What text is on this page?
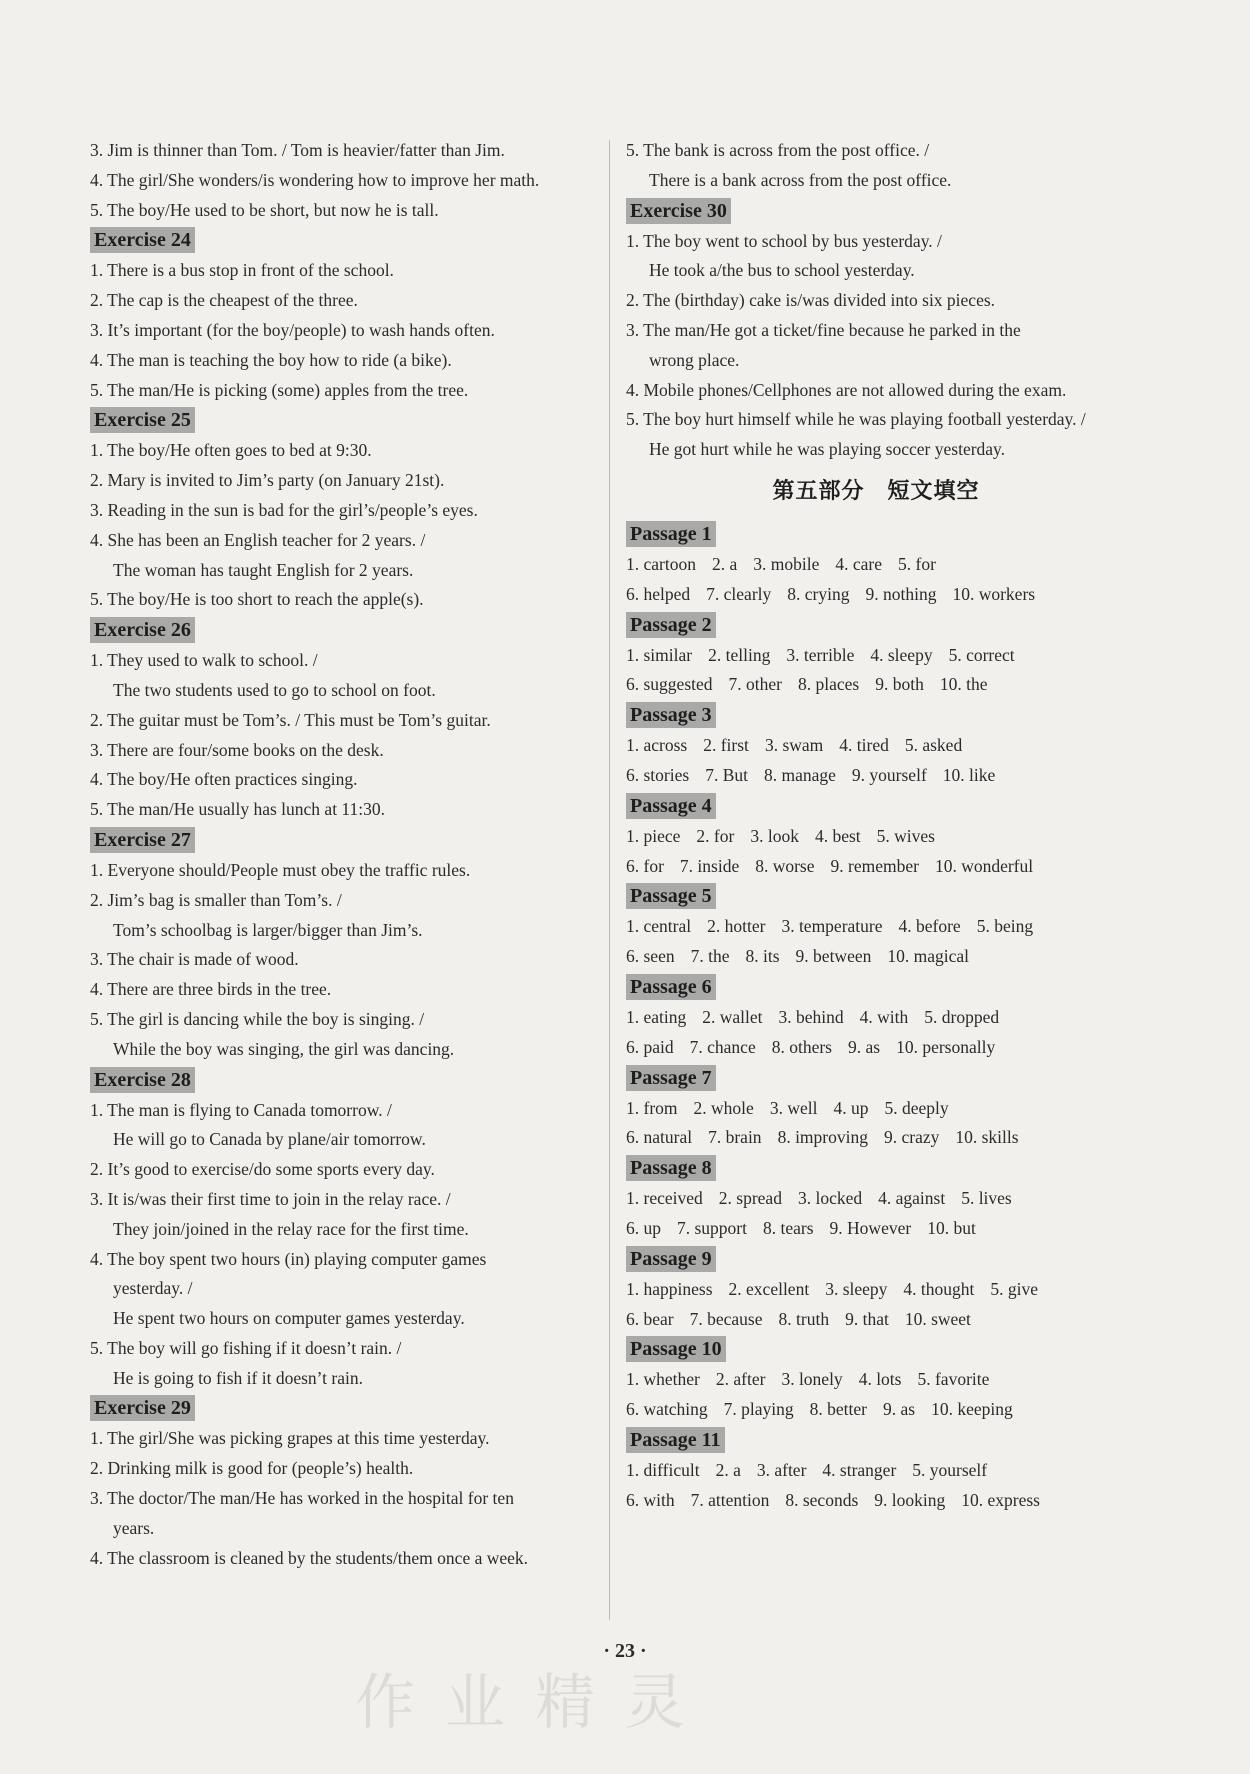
3. Jim is thinner than Tom. / Tom is heavier/fatter than Jim.
4. The girl/She wonders/is wondering how to improve her math.
5. The boy/He used to be short, but now he is tall.
Exercise 24
1. There is a bus stop in front of the school.
2. The cap is the cheapest of the three.
3. It’s important (for the boy/people) to wash hands often.
4. The man is teaching the boy how to ride (a bike).
5. The man/He is picking (some) apples from the tree.
Exercise 25
1. The boy/He often goes to bed at 9:30.
2. Mary is invited to Jim’s party (on January 21st).
3. Reading in the sun is bad for the girl’s/people’s eyes.
4. She has been an English teacher for 2 years. /
The woman has taught English for 2 years.
5. The boy/He is too short to reach the apple(s).
Exercise 26
1. They used to walk to school. /
The two students used to go to school on foot.
2. The guitar must be Tom’s. / This must be Tom’s guitar.
3. There are four/some books on the desk.
4. The boy/He often practices singing.
5. The man/He usually has lunch at 11:30.
Exercise 27
1. Everyone should/People must obey the traffic rules.
2. Jim’s bag is smaller than Tom’s. /
Tom’s schoolbag is larger/bigger than Jim’s.
3. The chair is made of wood.
4. There are three birds in the tree.
5. The girl is dancing while the boy is singing. /
While the boy was singing, the girl was dancing.
Exercise 28
1. The man is flying to Canada tomorrow. /
He will go to Canada by plane/air tomorrow.
2. It’s good to exercise/do some sports every day.
3. It is/was their first time to join in the relay race. /
They join/joined in the relay race for the first time.
4. The boy spent two hours (in) playing computer games
yesterday. /
He spent two hours on computer games yesterday.
5. The boy will go fishing if it doesn’t rain. /
He is going to fish if it doesn’t rain.
Exercise 29
1. The girl/She was picking grapes at this time yesterday.
2. Drinking milk is good for (people’s) health.
3. The doctor/The man/He has worked in the hospital for ten
years.
4. The classroom is cleaned by the students/them once a week.
5. The bank is across from the post office. /
There is a bank across from the post office.
Exercise 30
1. The boy went to school by bus yesterday. /
He took a/the bus to school yesterday.
2. The (birthday) cake is/was divided into six pieces.
3. The man/He got a ticket/fine because he parked in the
wrong place.
4. Mobile phones/Cellphones are not allowed during the exam.
5. The boy hurt himself while he was playing football yesterday. /
He got hurt while he was playing soccer yesterday.
第五部分　短文填空
Passage 1
1. cartoon 2. a 3. mobile 4. care 5. for
6. helped 7. clearly 8. crying 9. nothing 10. workers
Passage 2
1. similar 2. telling 3. terrible 4. sleepy 5. correct
6. suggested 7. other 8. places 9. both 10. the
Passage 3
1. across 2. first 3. swam 4. tired 5. asked
6. stories 7. But 8. manage 9. yourself 10. like
Passage 4
1. piece 2. for 3. look 4. best 5. wives
6. for 7. inside 8. worse 9. remember 10. wonderful
Passage 5
1. central 2. hotter 3. temperature 4. before 5. being
6. seen 7. the 8. its 9. between 10. magical
Passage 6
1. eating 2. wallet 3. behind 4. with 5. dropped
6. paid 7. chance 8. others 9. as 10. personally
Passage 7
1. from 2. whole 3. well 4. up 5. deeply
6. natural 7. brain 8. improving 9. crazy 10. skills
Passage 8
1. received 2. spread 3. locked 4. against 5. lives
6. up 7. support 8. tears 9. However 10. but
Passage 9
1. happiness 2. excellent 3. sleepy 4. thought 5. give
6. bear 7. because 8. truth 9. that 10. sweet
Passage 10
1. whether 2. after 3. lonely 4. lots 5. favorite
6. watching 7. playing 8. better 9. as 10. keeping
Passage 11
1. difficult 2. a 3. after 4. stranger 5. yourself
6. with 7. attention 8. seconds 9. looking 10. express
作业精灵
· 23 ·
